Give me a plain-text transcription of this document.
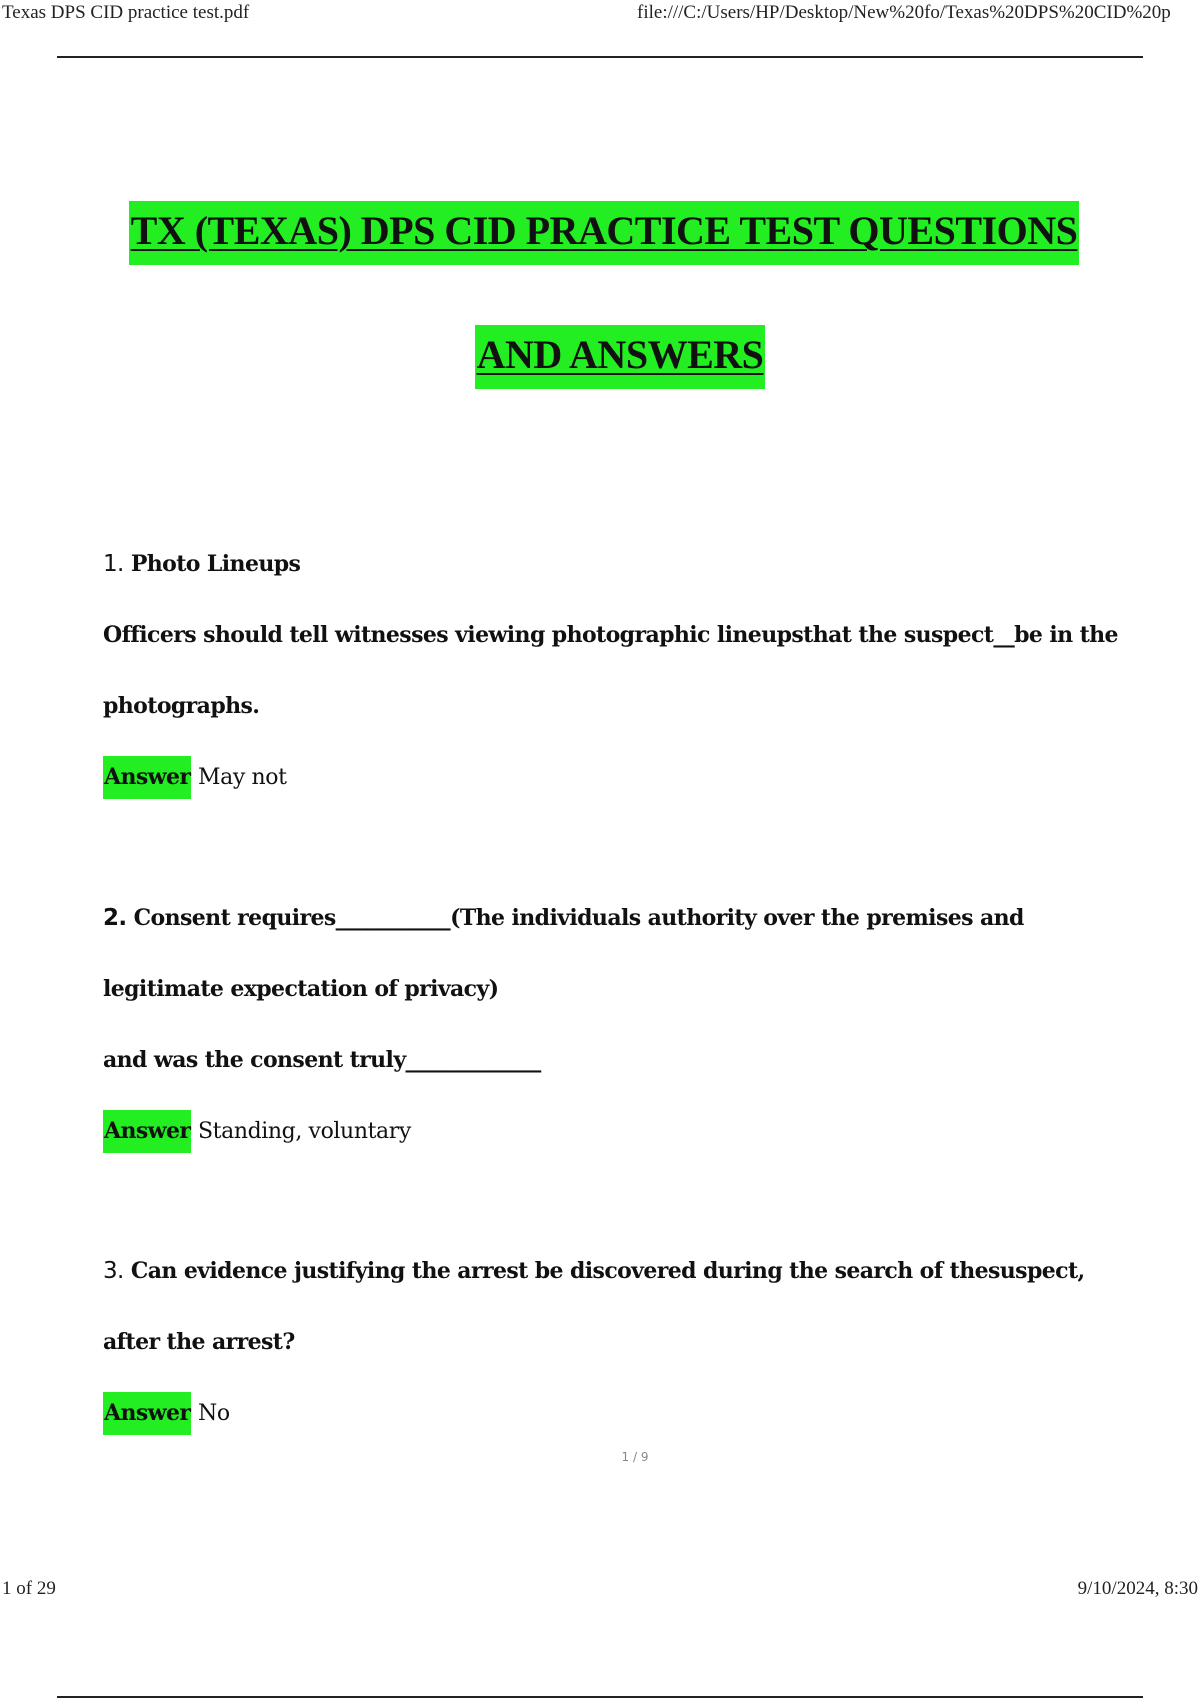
Texas DPS CID practice test.pdf	file:///C:/Users/HP/Desktop/New%20fo/Texas%20DPS%20CID%20p
TX (TEXAS) DPS CID PRACTICE TEST QUESTIONS
AND ANSWERS
1. Photo Lineups
Officers should tell witnesses viewing photographic lineupsthat the suspect__be in the
photographs.
Answer May not
2. Consent requires___________(The individuals authority over the premises and
legitimate expectation of privacy)
and was the consent truly_____________
Answer Standing, voluntary
3. Can evidence justifying the arrest be discovered during the search of thesuspect,
after the arrest?
Answer No
1 / 9
1 of 29	9/10/2024, 8:30
